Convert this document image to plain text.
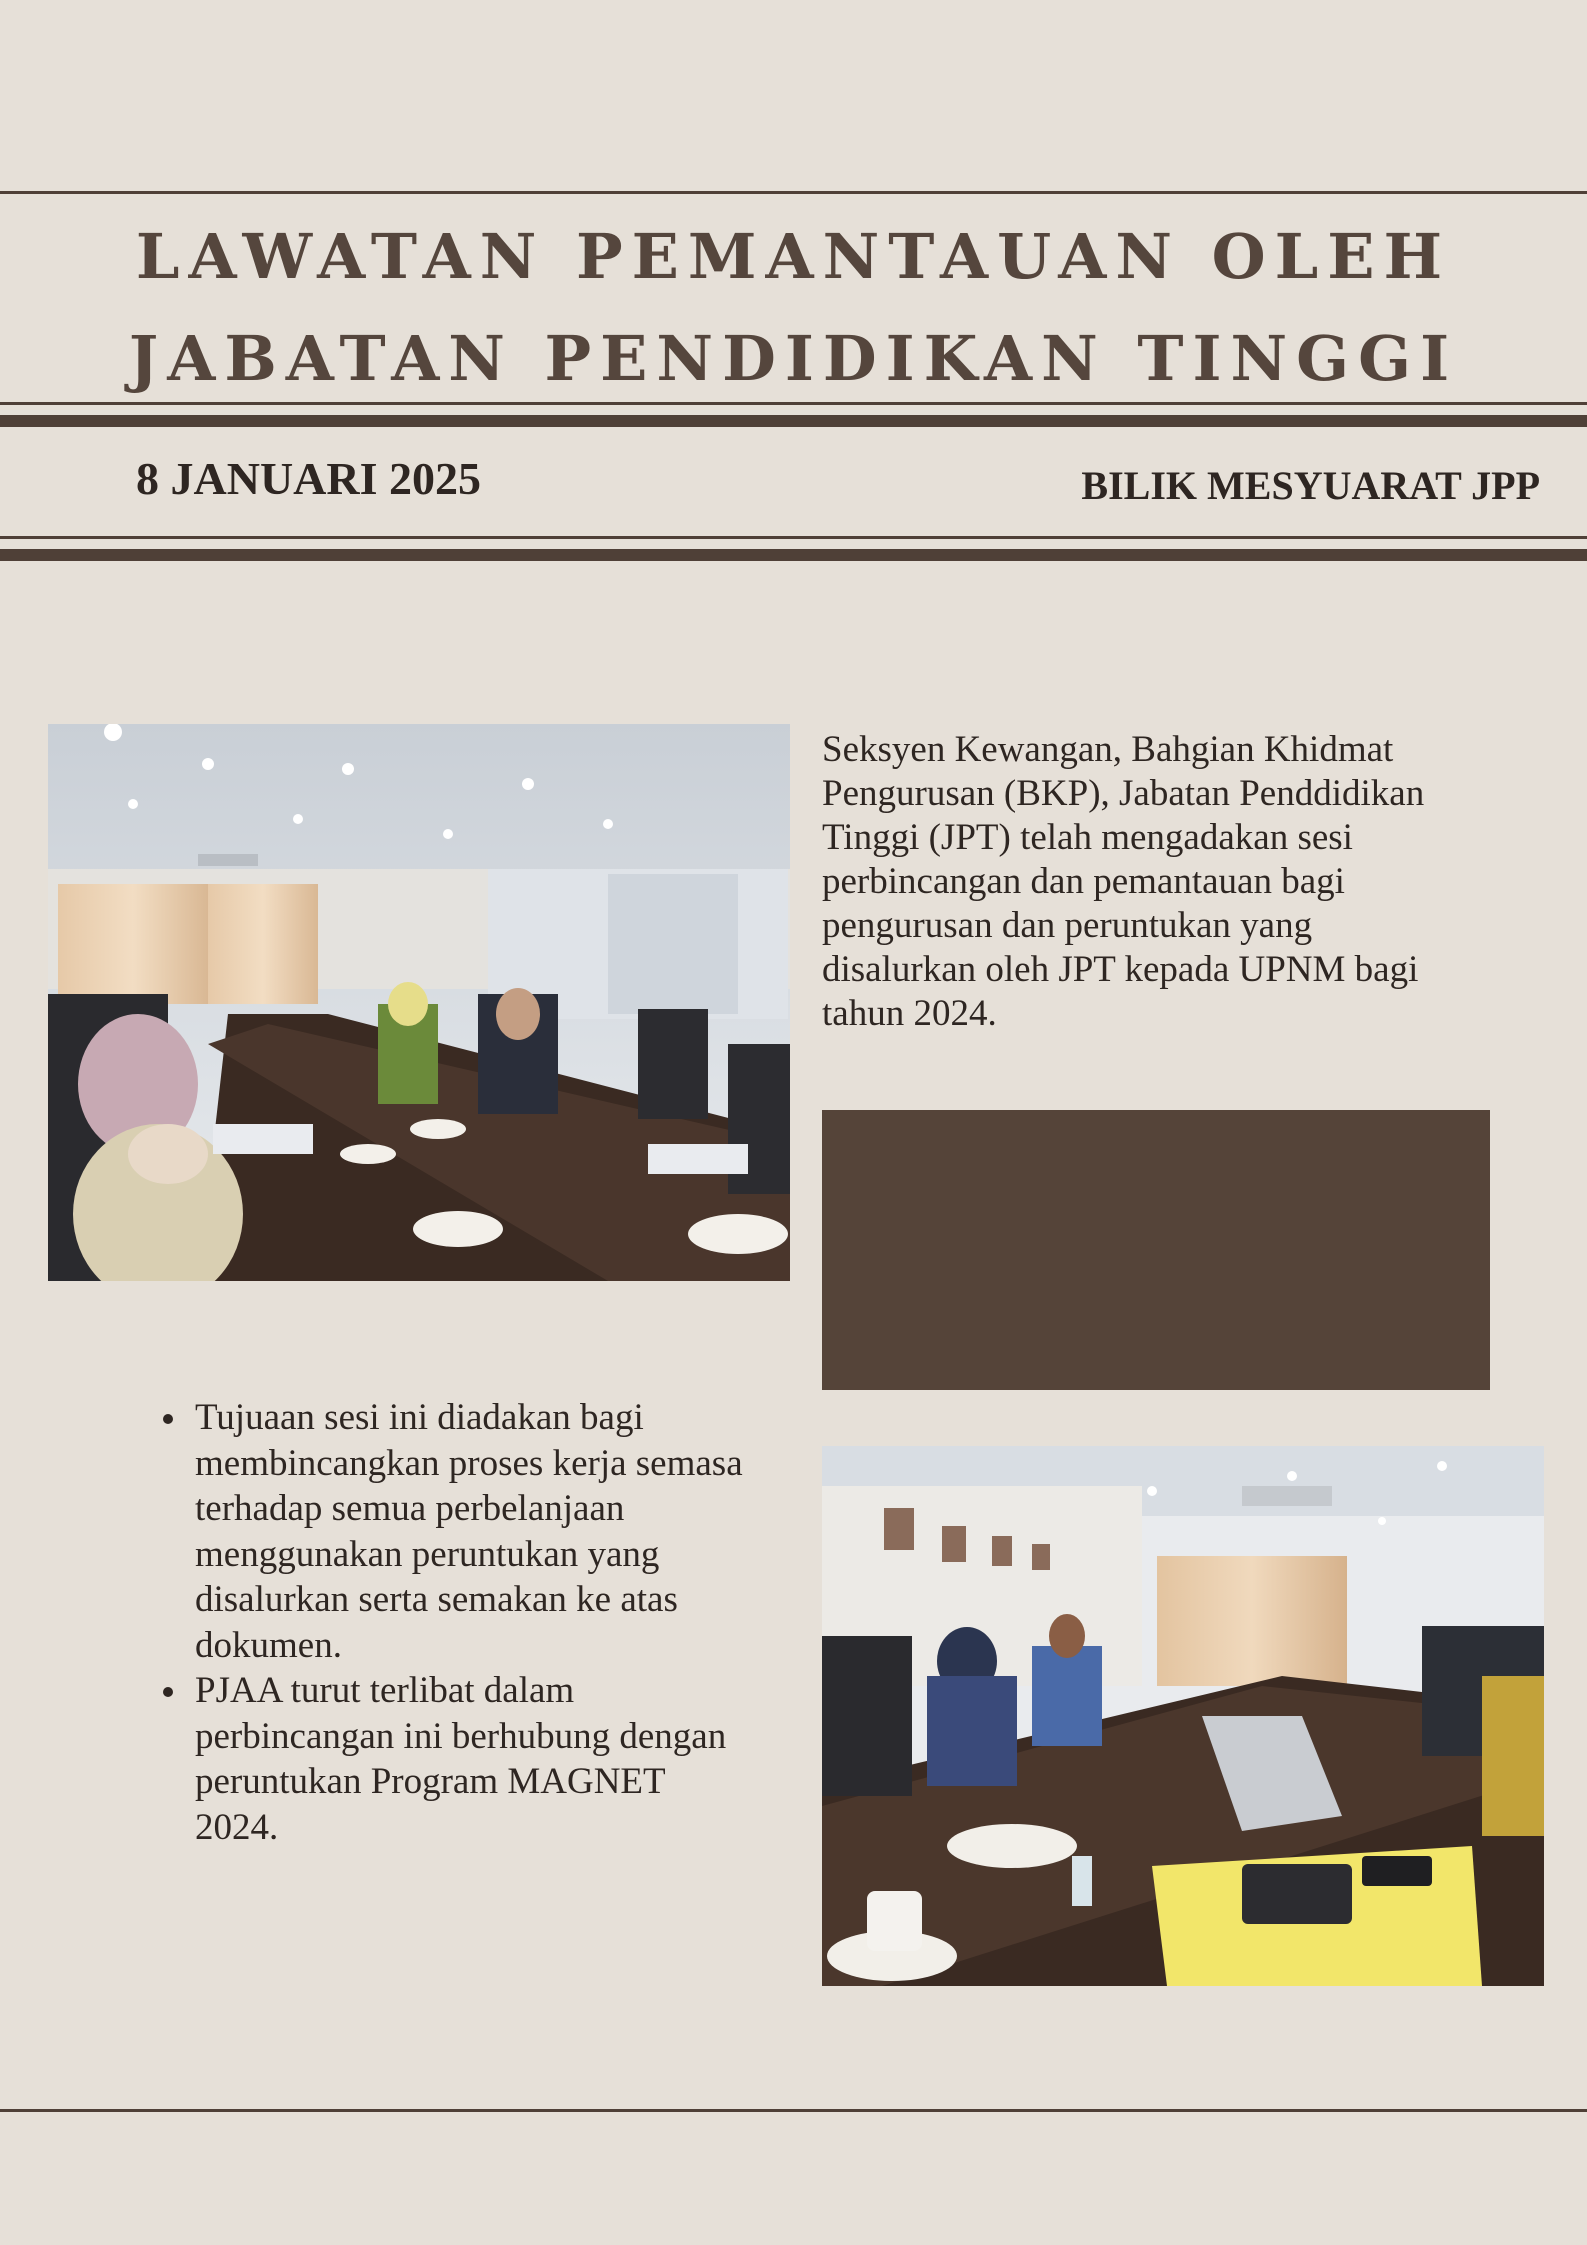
LAWATAN PEMANTAUAN OLEH
JABATAN PENDIDIKAN TINGGI
8 JANUARI 2025	BILIK MESYUARAT JPP
Seksyen Kewangan, Bahgian Khidmat Pengurusan (BKP), Jabatan Penddidikan Tinggi (JPT) telah mengadakan sesi perbincangan dan pemantauan bagi pengurusan dan peruntukan yang disalurkan oleh JPT kepada UPNM bagi tahun 2024.
Tujuaan sesi ini diadakan bagi membincangkan proses kerja semasa terhadap semua perbelanjaan menggunakan peruntukan yang disalurkan serta semakan ke atas dokumen.
PJAA turut terlibat dalam perbincangan ini berhubung dengan peruntukan Program MAGNET 2024.
